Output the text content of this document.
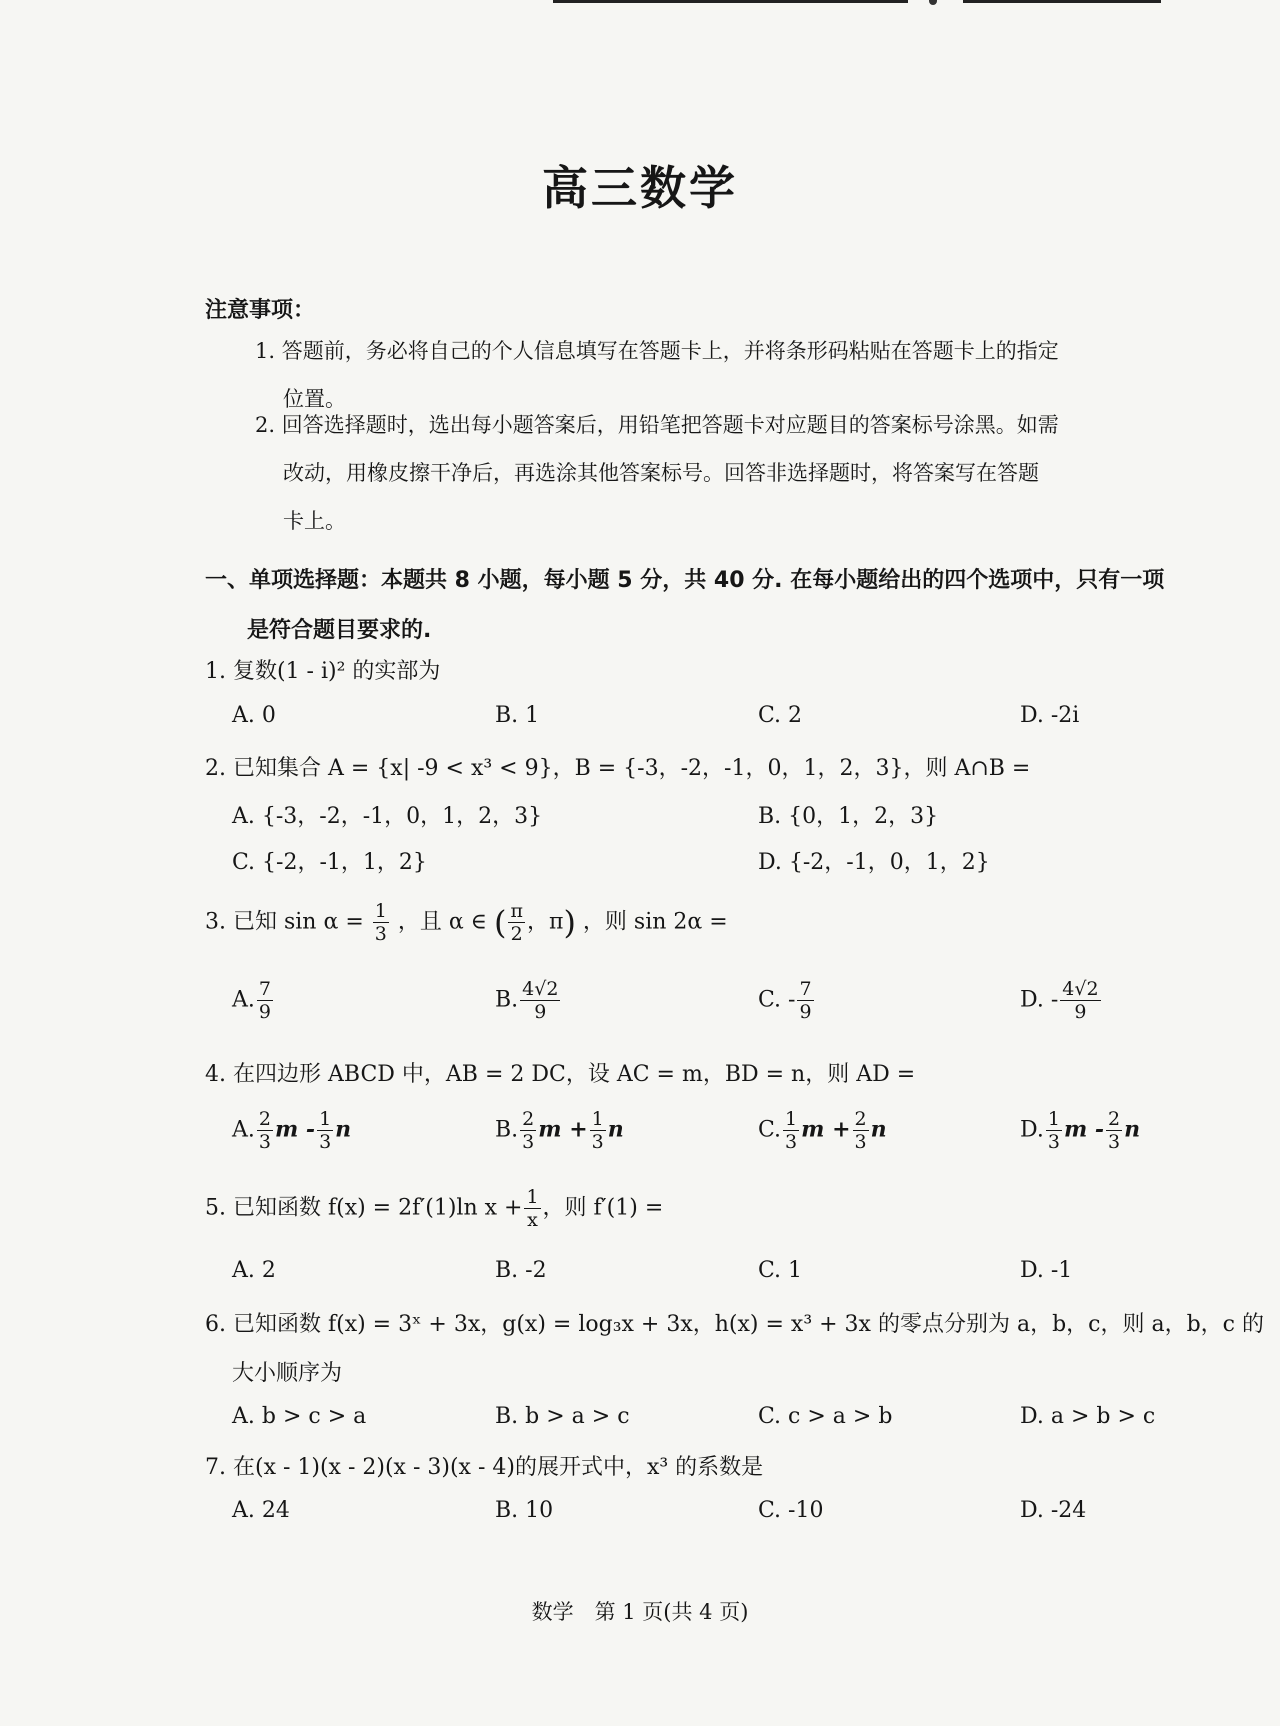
高三数学
注意事项：
1. 答题前，务必将自己的个人信息填写在答题卡上，并将条形码粘贴在答题卡上的指定
位置。
2. 回答选择题时，选出每小题答案后，用铅笔把答题卡对应题目的答案标号涂黑。如需
改动，用橡皮擦干净后，再选涂其他答案标号。回答非选择题时，将答案写在答题
卡上。
一、单项选择题：本题共 8 小题，每小题 5 分，共 40 分. 在每小题给出的四个选项中，只有一项
是符合题目要求的.
1. 复数(1 - i)² 的实部为
A. 0	B. 1	C. 2	D. -2i
2. 已知集合 A = {x| -9 < x³ < 9}，B = {-3，-2，-1，0，1，2，3}，则 A∩B =
A. {-3，-2，-1，0，1，2，3}	B. {0，1，2，3}
C. {-2，-1，1，2}	D. {-2，-1，0，1，2}
3. 已知 $\sin \alpha = \frac{1}{3}$ ，且 α ∈ ( $\frac{\pi}{2}$ ，π) ，则 sin 2α =
A. $\frac{7}{9}$	B. $\frac{4√2}{9}$	C. - $\frac{7}{9}$	D. - $\frac{4√2}{9}$
4. 在四边形 ABCD 中，AB = 2 DC，设 AC = m，BD = n，则 AD =
A. $\frac{2}{3}$ m - $\frac{1}{3}$ n	B. $\frac{2}{3}$ $m + \frac{1}{3}$ n	C. $\frac{1}{3}$ $m + \frac{2}{3}$ n	D. $\frac{1}{3}$ m - $\frac{2}{3}$ n
5. 已知函数 f(x) = 2f′(1)ln $x + \frac{1}{x}$ ，则 f′(1) =
A. 2	B. -2	C. 1	D. -1
6. 已知函数 f(x) = 3ˣ + 3x，g(x) = log₃x + 3x，h(x) = x³ + 3x 的零点分别为 a，b，c，则 a，b，c 的
大小顺序为
A. b > c > a	B. b > a > c	C. c > a > b	D. a > b > c
7. 在(x - 1)(x - 2)(x - 3)(x - 4)的展开式中，x³ 的系数是
A. 24	B. 10	C. -10	D. -24
数学　第 1 页(共 4 页)
